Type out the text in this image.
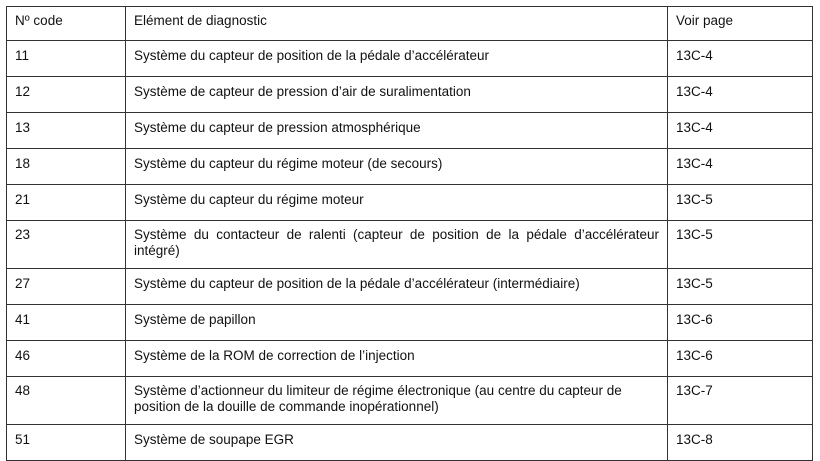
Nº code	Elément de diagnostic	Voir page
11	Système du capteur de position de la pédale d’accélérateur	13C-4
12	Système de capteur de pression d’air de suralimentation	13C-4
13	Système du capteur de pression atmosphérique	13C-4
18	Système du capteur du régime moteur (de secours)	13C-4
21	Système du capteur du régime moteur	13C-5
23	Système du contacteur de ralenti (capteur de position de la pédale d’accélérateur intégré)	13C-5
27	Système du capteur de position de la pédale d’accélérateur (intermédiaire)	13C-5
41	Système de papillon	13C-6
46	Système de la ROM de correction de l’injection	13C-6
48	Système d’actionneur du limiteur de régime électronique (au centre du capteur de position de la douille de commande inopérationnel)	13C-7
51	Système de soupape EGR	13C-8
